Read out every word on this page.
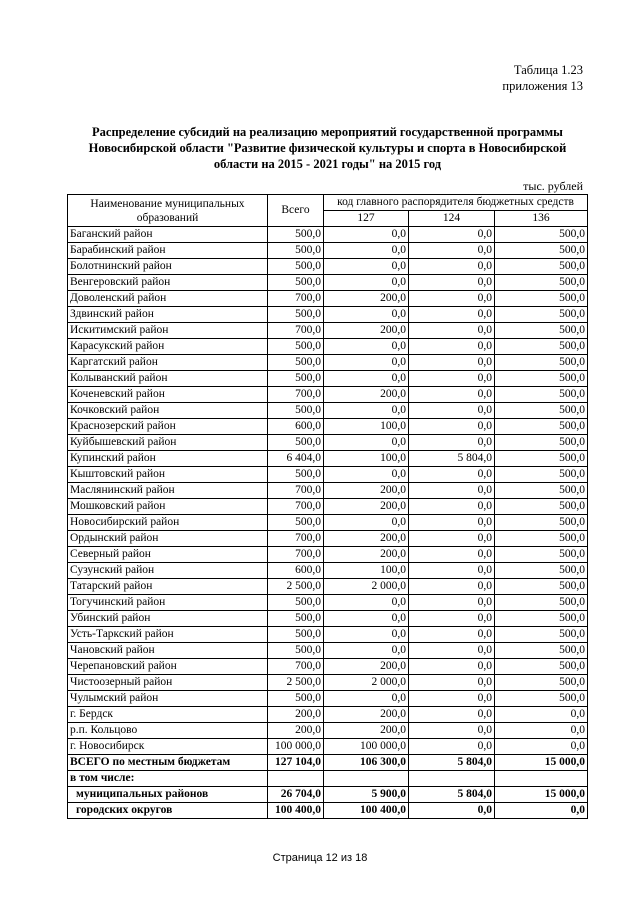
Таблица 1.23
приложения 13
Распределение субсидий на реализацию мероприятий государственной программы Новосибирской области "Развитие физической культуры и спорта в Новосибирской области на 2015 - 2021 годы" на 2015 год
тыс. рублей
Наименование муниципальных образований	Всего	код главного распорядителя бюджетных средств		
		127	124	136
Баганский район	500,0	0,0	0,0	500,0
Барабинский район	500,0	0,0	0,0	500,0
Болотнинский район	500,0	0,0	0,0	500,0
Венгеровский район	500,0	0,0	0,0	500,0
Доволенский район	700,0	200,0	0,0	500,0
Здвинский район	500,0	0,0	0,0	500,0
Искитимский район	700,0	200,0	0,0	500,0
Карасукский район	500,0	0,0	0,0	500,0
Каргатский район	500,0	0,0	0,0	500,0
Колыванский район	500,0	0,0	0,0	500,0
Коченевский район	700,0	200,0	0,0	500,0
Кочковский район	500,0	0,0	0,0	500,0
Краснозерский район	600,0	100,0	0,0	500,0
Куйбышевский район	500,0	0,0	0,0	500,0
Купинский район	6 404,0	100,0	5 804,0	500,0
Кыштовский район	500,0	0,0	0,0	500,0
Маслянинский район	700,0	200,0	0,0	500,0
Мошковский район	700,0	200,0	0,0	500,0
Новосибирский район	500,0	0,0	0,0	500,0
Ордынский район	700,0	200,0	0,0	500,0
Северный район	700,0	200,0	0,0	500,0
Сузунский район	600,0	100,0	0,0	500,0
Татарский район	2 500,0	2 000,0	0,0	500,0
Тогучинский район	500,0	0,0	0,0	500,0
Убинский район	500,0	0,0	0,0	500,0
Усть-Таркский район	500,0	0,0	0,0	500,0
Чановский район	500,0	0,0	0,0	500,0
Черепановский район	700,0	200,0	0,0	500,0
Чистоозерный район	2 500,0	2 000,0	0,0	500,0
Чулымский район	500,0	0,0	0,0	500,0
г. Бердск	200,0	200,0	0,0	0,0
р.п. Кольцово	200,0	200,0	0,0	0,0
г. Новосибирск	100 000,0	100 000,0	0,0	0,0
ВСЕГО по местным бюджетам	127 104,0	106 300,0	5 804,0	15 000,0
в том числе:				
муниципальных районов	26 704,0	5 900,0	5 804,0	15 000,0
городских округов	100 400,0	100 400,0	0,0	0,0
Страница 12 из 18
